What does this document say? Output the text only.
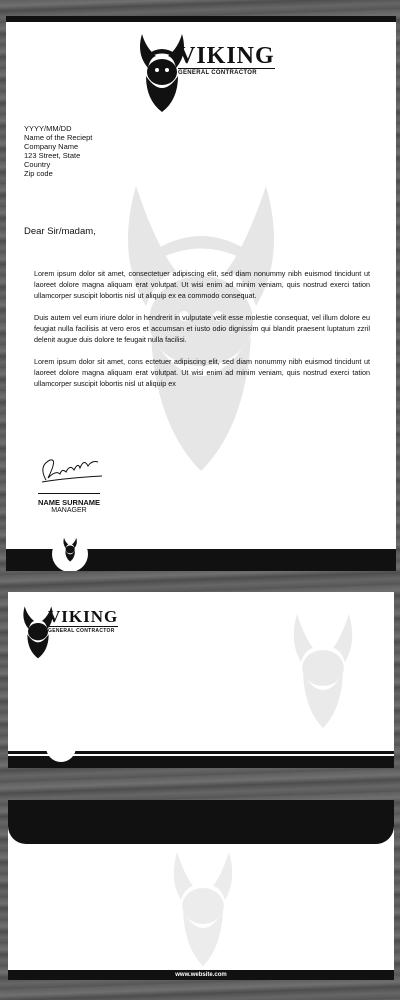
VIKING
GENERAL CONTRACTOR
YYYY/MM/DD
Name of the Reciept
Company Name
123 Street, State
Country
Zip code
Dear Sir/madam,

Lorem ipsum dolor sit amet, consectetuer adipiscing elit, sed diam nonummy nibh euismod tincidunt ut laoreet dolore magna aliquam erat volutpat. Ut wisi enim ad minim veniam, quis nostrud exerci tation ullamcorper suscipit lobortis nisl ut aliquip ex ea commodo consequat.

Duis autem vel eum iriure dolor in hendrerit in vulputate velit esse molestie consequat, vel illum dolore eu feugiat nulla facilisis at vero eros et accumsan et iusto odio dignissim qui blandit praesent luptatum zzril delenit augue duis dolore te feugait nulla facilisi.

Lorem ipsum dolor sit amet, cons ectetuer adipiscing elit, sed diam nonummy nibh euismod tincidunt ut laoreet dolore magna aliquam erat volutpat. Ut wisi enim ad minim veniam, quis nostrud exerci tation ullamcorper suscipit lobortis nisl ut aliquip ex

NAME SURNAME
MANAGER
VIKING
GENERAL CONTRACTOR
www.website.com
